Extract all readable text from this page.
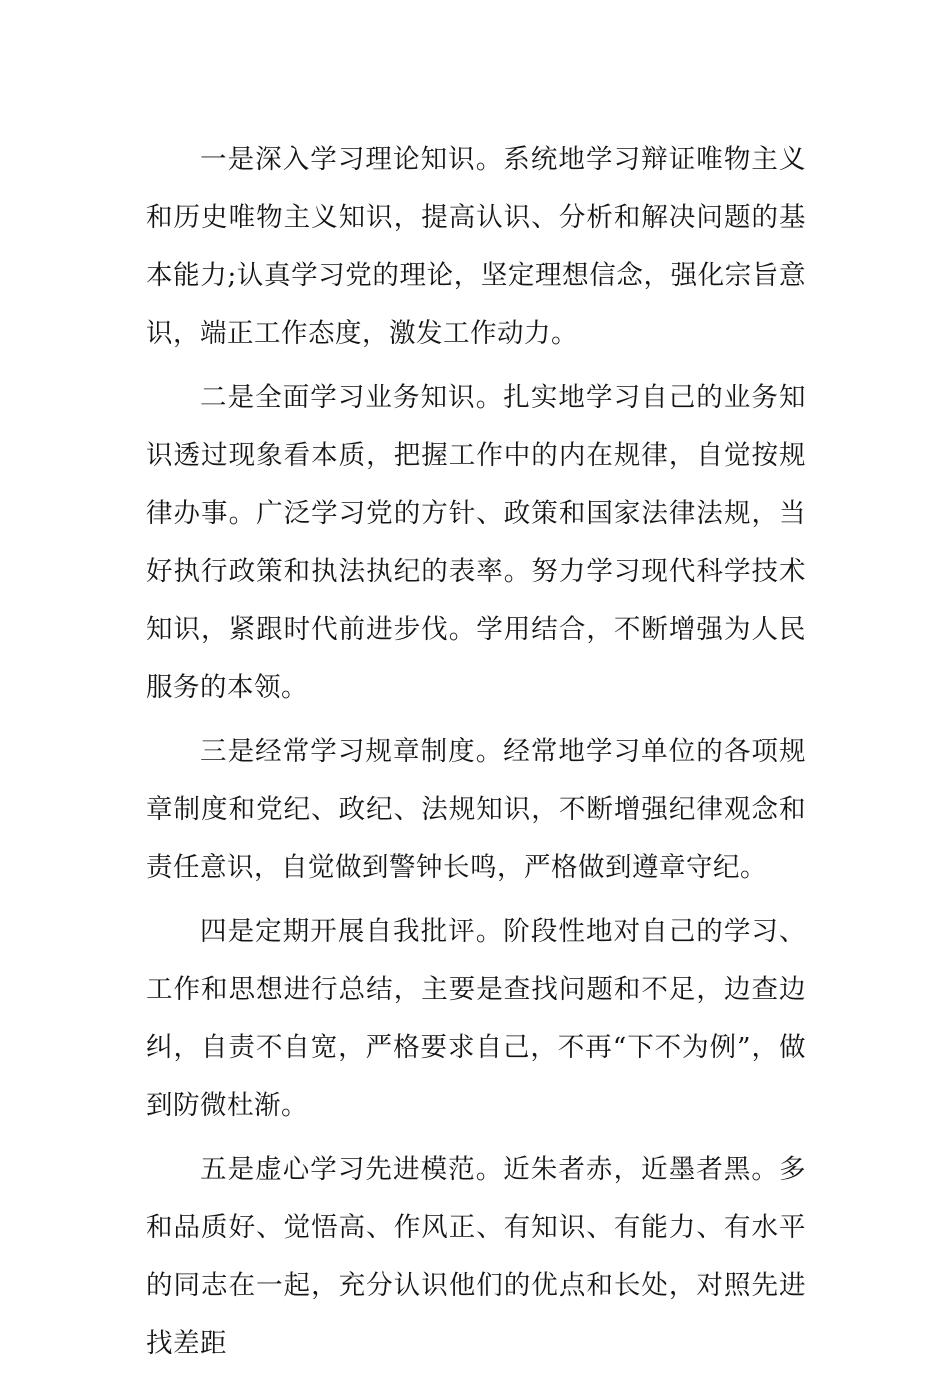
一是深入学习理论知识。系统地学习辩证唯物主义和历史唯物主义知识，提高认识、分析和解决问题的基本能力;认真学习党的理论，坚定理想信念，强化宗旨意识，端正工作态度，激发工作动力。

二是全面学习业务知识。扎实地学习自己的业务知识透过现象看本质，把握工作中的内在规律，自觉按规律办事。广泛学习党的方针、政策和国家法律法规，当好执行政策和执法执纪的表率。努力学习现代科学技术知识，紧跟时代前进步伐。学用结合，不断增强为人民服务的本领。

三是经常学习规章制度。经常地学习单位的各项规章制度和党纪、政纪、法规知识，不断增强纪律观念和责任意识，自觉做到警钟长鸣，严格做到遵章守纪。

四是定期开展自我批评。阶段性地对自己的学习、工作和思想进行总结，主要是查找问题和不足，边查边纠，自责不自宽，严格要求自己，不再“下不为例”，做到防微杜渐。

五是虚心学习先进模范。近朱者赤，近墨者黑。多和品质好、觉悟高、作风正、有知识、有能力、有水平的同志在一起，充分认识他们的优点和长处，对照先进找差距
